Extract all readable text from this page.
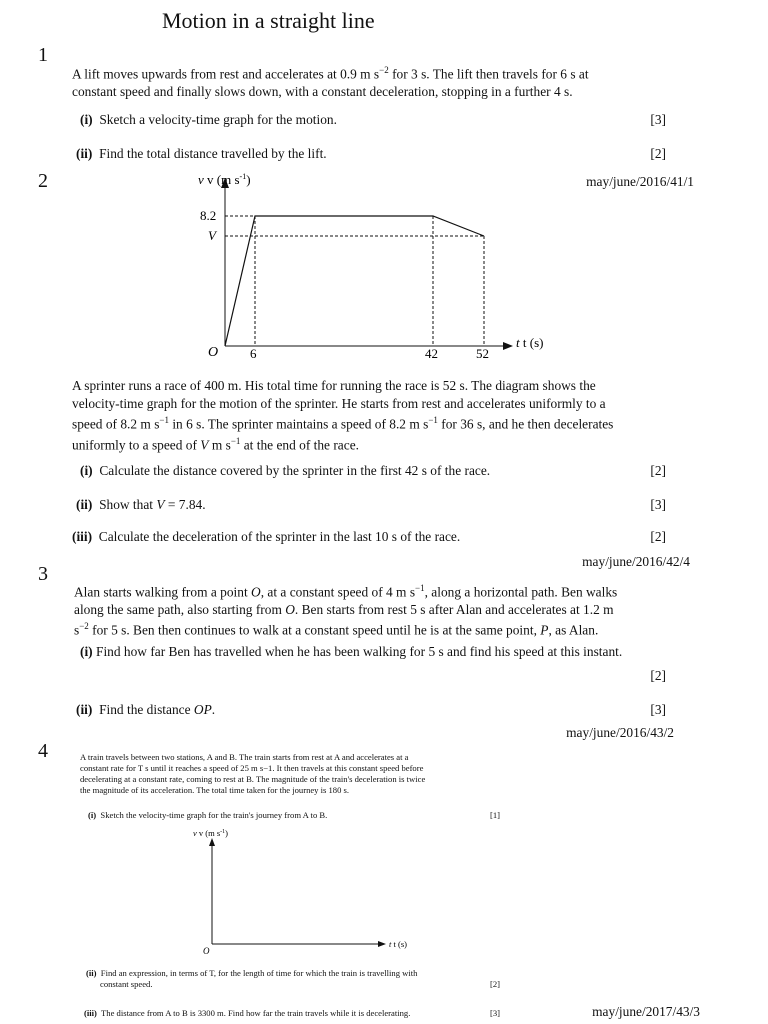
Motion in a straight line
1
A lift moves upwards from rest and accelerates at 0.9 m $s^{-2}$ for 3 s. The lift then travels for 6 s at
constant speed and finally slows down, with a constant deceleration, stopping in a further 4 s.
(i) Sketch a velocity-time graph for the motion.	[3]
(ii) Find the total distance travelled by the lift.	[2]
2	may/june/2016/41/1
v v (m $s^{-1}$)
8.2
V
O 6	42	52
t t (s)
A sprinter runs a race of 400 m. His total time for running the race is 52 s. The diagram shows the
velocity-time graph for the motion of the sprinter. He starts from rest and accelerates uniformly to a
speed of 8.2 m $s^{-1}$ in 6 s. The sprinter maintains a speed of 8.2 m $s^{-1}$ for 36 s, and he then decelerates
uniformly to a speed of V m $s^{-1}$ at the end of the race.
(i) Calculate the distance covered by the sprinter in the first 42 s of the race.	[2]
(ii) Show that V = 7.84.	[3]
(iii) Calculate the deceleration of the sprinter in the last 10 s of the race.	[2]
may/june/2016/42/4
3
Alan starts walking from a point O, at a constant speed of 4 m $s^{-1}$, along a horizontal path. Ben walks
along the same path, also starting from O. Ben starts from rest 5 s after Alan and accelerates at 1.2 m
$s^{-2}$ for 5 s. Ben then continues to walk at a constant speed until he is at the same point, P, as Alan.
(i) Find how far Ben has travelled when he has been walking for 5 s and find his speed at this instant.
[2]
(ii) Find the distance OP.	[3]
may/june/2016/43/2
4	A train travels between two stations, A and B. The train starts from rest at A and accelerates at a
constant rate for T s until it reaches a speed of 25 m s−1. It then travels at this constant speed before
decelerating at a constant rate, coming to rest at B. The magnitude of the train's deceleration is twice
the magnitude of its acceleration. The total time taken for the journey is 180 s.
(i) Sketch the velocity-time graph for the train's journey from A to B.	[1]
v v (m $s^{-1}$)
O
t t (s)
(ii) Find an expression, in terms of T, for the length of time for which the train is travelling with
constant speed.	[2]
(iii) The distance from A to B is 3300 m. Find how far the train travels while it is decelerating.	[3]	may/june/2017/43/3
